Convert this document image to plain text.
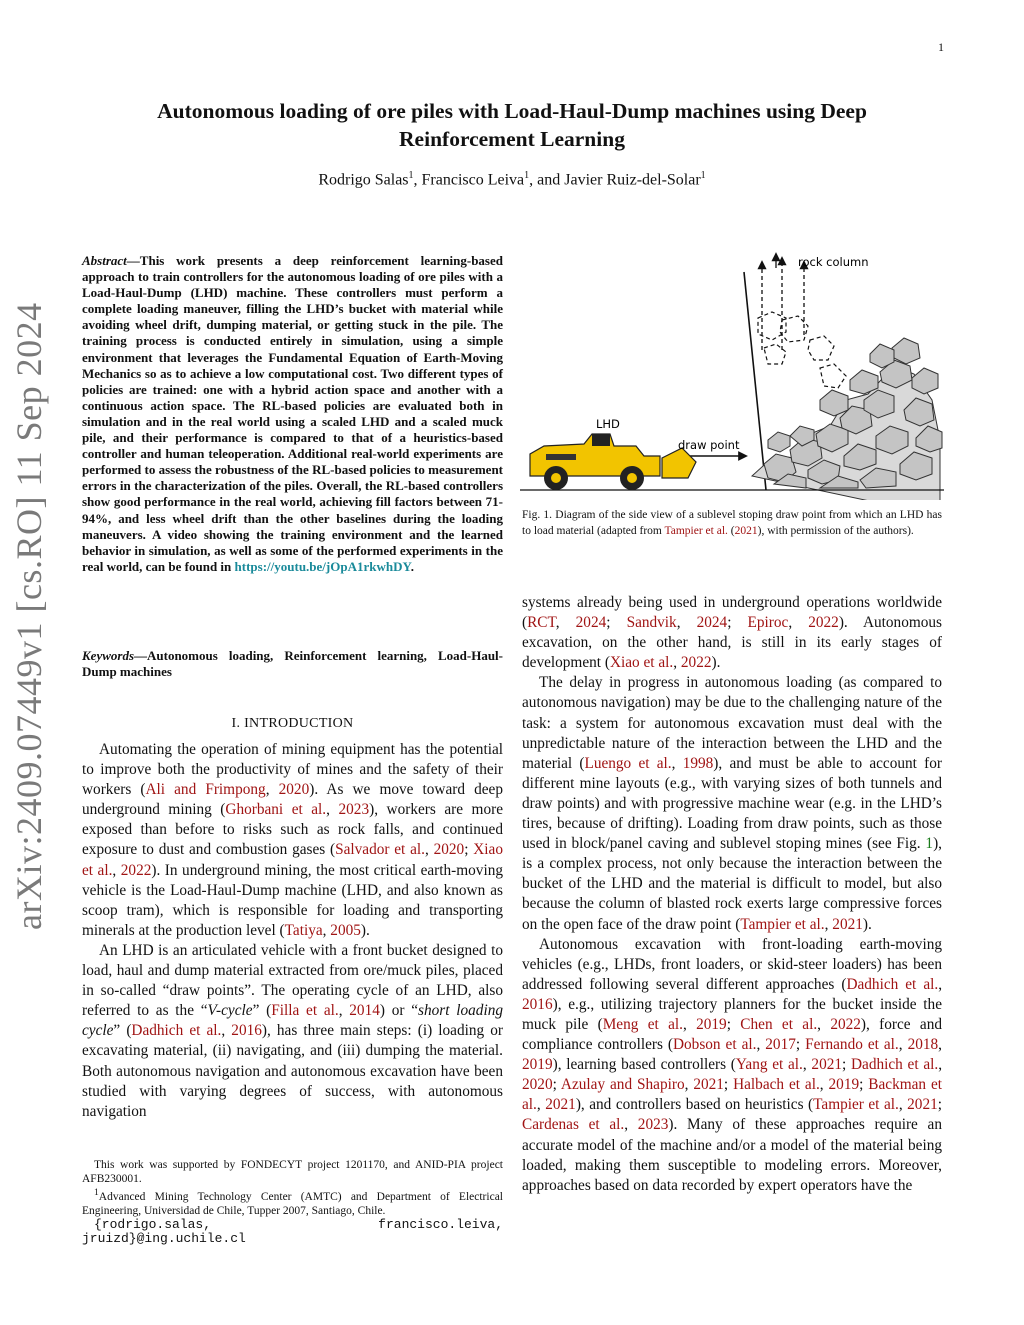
1
arXiv:2409.07449v1 [cs.RO] 11 Sep 2024
Autonomous loading of ore piles with Load-Haul-Dump machines using Deep Reinforcement Learning
Rodrigo Salas$^1$, Francisco Leiva$^1$, and Javier Ruiz-del-Solar$^1$
Abstract—This work presents a deep reinforcement learning-based approach to train controllers for the autonomous loading of ore piles with a Load-Haul-Dump (LHD) machine. These controllers must perform a complete loading maneuver, filling the LHD’s bucket with material while avoiding wheel drift, dumping material, or getting stuck in the pile. The training process is conducted entirely in simulation, using a simple environment that leverages the Fundamental Equation of Earth-Moving Mechanics so as to achieve a low computational cost. Two different types of policies are trained: one with a hybrid action space and another with a continuous action space. The RL-based policies are evaluated both in simulation and in the real world using a scaled LHD and a scaled muck pile, and their performance is compared to that of a heuristics-based controller and human teleoperation. Additional real-world experiments are performed to assess the robustness of the RL-based policies to measurement errors in the characterization of the piles. Overall, the RL-based controllers show good performance in the real world, achieving fill factors between 71-94%, and less wheel drift than the other baselines during the loading maneuvers. A video showing the training environment and the learned behavior in simulation, as well as some of the performed experiments in the real world, can be found in https://youtu.be/jOpA1rkwhDY.
Keywords—Autonomous loading, Reinforcement learning, Load-Haul-Dump machines
I. INTRODUCTION

Automating the operation of mining equipment has the potential to improve both the productivity of mines and the safety of their workers (Ali and Frimpong, 2020). As we move toward deep underground mining (Ghorbani et al., 2023), workers are more exposed than before to risks such as rock falls, and continued exposure to dust and combustion gases (Salvador et al., 2020; Xiao et al., 2022). In underground mining, the most critical earth-moving vehicle is the Load-Haul-Dump machine (LHD, and also known as scoop tram), which is responsible for loading and transporting minerals at the production level (Tatiya, 2005).

An LHD is an articulated vehicle with a front bucket designed to load, haul and dump material extracted from ore/muck piles, placed in so-called “draw points”. The operating cycle of an LHD, also referred to as the “V-cycle” (Filla et al., 2014) or “short loading cycle” (Dadhich et al., 2016), has three main steps: (i) loading or excavating material, (ii) navigating, and (iii) dumping the material. Both autonomous navigation and autonomous excavation have been studied with varying degrees of success, with autonomous navigation

This work was supported by FONDECYT project 1201170, and ANID-PIA project AFB230001.

$^1$Advanced Mining Technology Center (AMTC) and Department of Electrical Engineering, Universidad de Chile, Tupper 2007, Santiago, Chile.

{rodrigo.salas, francisco.leiva, jruizd}@ing.uchile.cl

rock column
LHD
draw point
Fig. 1. Diagram of the side view of a sublevel stoping draw point from which an LHD has to load material (adapted from Tampier et al. (2021), with permission of the authors).

systems already being used in underground operations worldwide (RCT, 2024; Sandvik, 2024; Epiroc, 2022). Autonomous excavation, on the other hand, is still in its early stages of development (Xiao et al., 2022).

The delay in progress in autonomous loading (as compared to autonomous navigation) may be due to the challenging nature of the task: a system for autonomous excavation must deal with the unpredictable nature of the interaction between the LHD and the material (Luengo et al., 1998), and must be able to account for different mine layouts (e.g., with varying sizes of both tunnels and draw points) and with progressive machine wear (e.g. in the LHD’s tires, because of drifting). Loading from draw points, such as those used in block/panel caving and sublevel stoping mines (see Fig. 1), is a complex process, not only because the interaction between the bucket of the LHD and the material is difficult to model, but also because the column of blasted rock exerts large compressive forces on the open face of the draw point (Tampier et al., 2021).

Autonomous excavation with front-loading earth-moving vehicles (e.g., LHDs, front loaders, or skid-steer loaders) has been addressed following several different approaches (Dadhich et al., 2016), e.g., utilizing trajectory planners for the bucket inside the muck pile (Meng et al., 2019; Chen et al., 2022), force and compliance controllers (Dobson et al., 2017; Fernando et al., 2018, 2019), learning based controllers (Yang et al., 2021; Dadhich et al., 2020; Azulay and Shapiro, 2021; Halbach et al., 2019; Backman et al., 2021), and controllers based on heuristics (Tampier et al., 2021; Cardenas et al., 2023). Many of these approaches require an accurate model of the machine and/or a model of the material being loaded, making them susceptible to modeling errors. Moreover, approaches based on data recorded by expert operators have the
